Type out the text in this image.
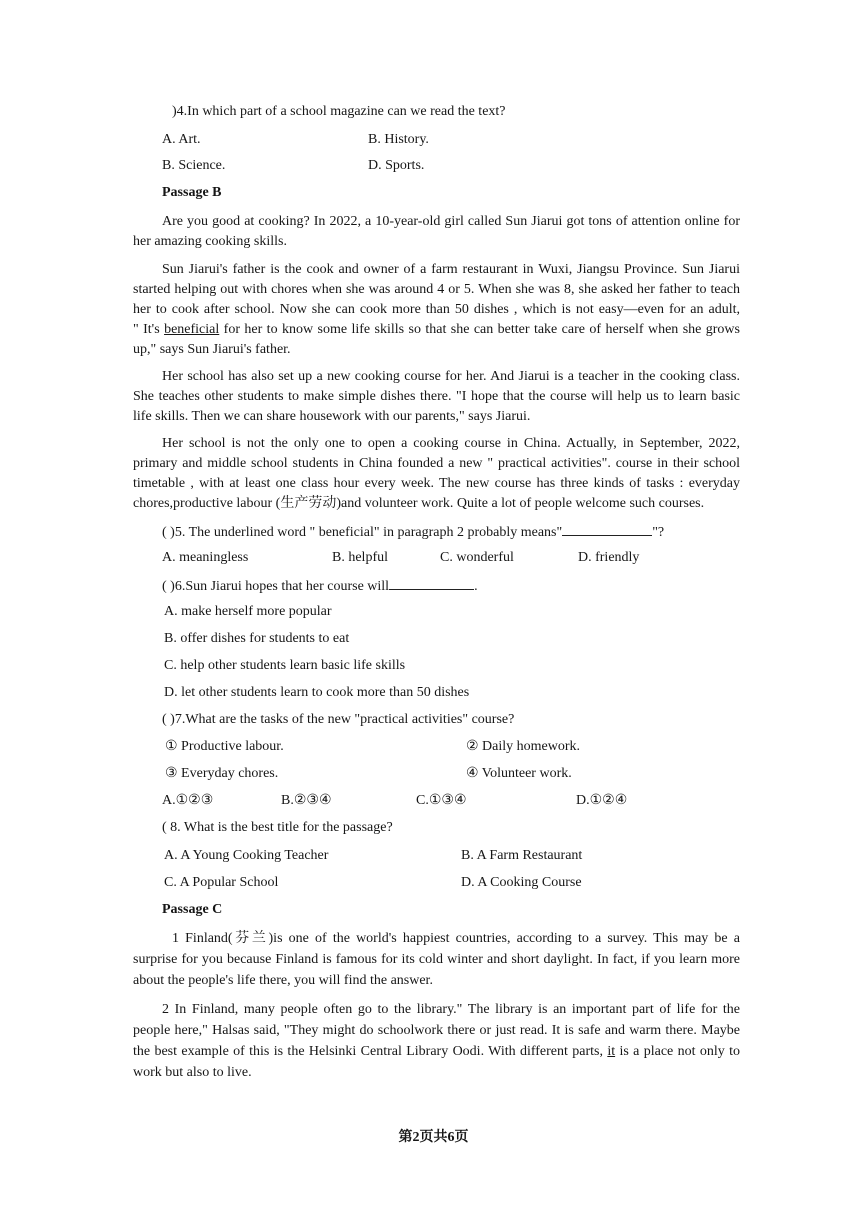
)4.In which part of a school magazine can we read the text?
A. Art.	B. History.
B. Science.	D. Sports.
Passage B
Are you good at cooking? In 2022, a 10-year-old girl called Sun Jiarui got tons of attention online for
her amazing cooking skills.
Sun Jiarui's father is the cook and owner of a farm restaurant in Wuxi, Jiangsu Province. Sun Jiarui
started helping out with chores when she was around 4 or 5. When she was 8, she asked her father to teach
her to cook after school. Now she can cook more than 50 dishes , which is not easy—even for an adult,
" It's beneficial for her to know some life skills so that she can better take care of herself when she grows
up," says Sun Jiarui's father.
Her school has also set up a new cooking course for her. And Jiarui is a teacher in the cooking class.
She teaches other students to make simple dishes there. "I hope that the course will help us to learn basic
life skills. Then we can share housework with our parents," says Jiarui.
Her school is not the only one to open a cooking course in China. Actually, in September, 2022,
primary and middle school students in China founded a new " practical activities". course in their school
timetable , with at least one class hour every week. The new course has three kinds of tasks : everyday
chores,productive labour (生产劳动)and volunteer work. Quite a lot of people welcome such courses.
( )5. The underlined word " beneficial" in paragraph 2 probably means"	"?
A. meaningless	B. helpful	C. wonderful	D. friendly
( )6.Sun Jiarui hopes that her course will	.
A. make herself more popular
B. offer dishes for students to eat
C. help other students learn basic life skills
D. let other students learn to cook more than 50 dishes
( )7.What are the tasks of the new "practical activities" course?
① Productive labour.	② Daily homework.
③ Everyday chores.	④ Volunteer work.
A.①②③	B.②③④	C.①③④	D.①②④
( 8. What is the best title for the passage?
A. A Young Cooking Teacher	B. A Farm Restaurant
C. A Popular School	D. A Cooking Course
Passage C
1 Finland(芬兰)is one of the world's happiest countries, according to a survey. This may be a
surprise for you because Finland is famous for its cold winter and short daylight. In fact, if you learn more
about the people's life there, you will find the answer.
2 In Finland, many people often go to the library." The library is an important part of life for the
people here," Halsas said, "They might do schoolwork there or just read. It is safe and warm there. Maybe
the best example of this is the Helsinki Central Library Oodi. With different parts, it is a place not only to
work but also to live.
第2页共6页
